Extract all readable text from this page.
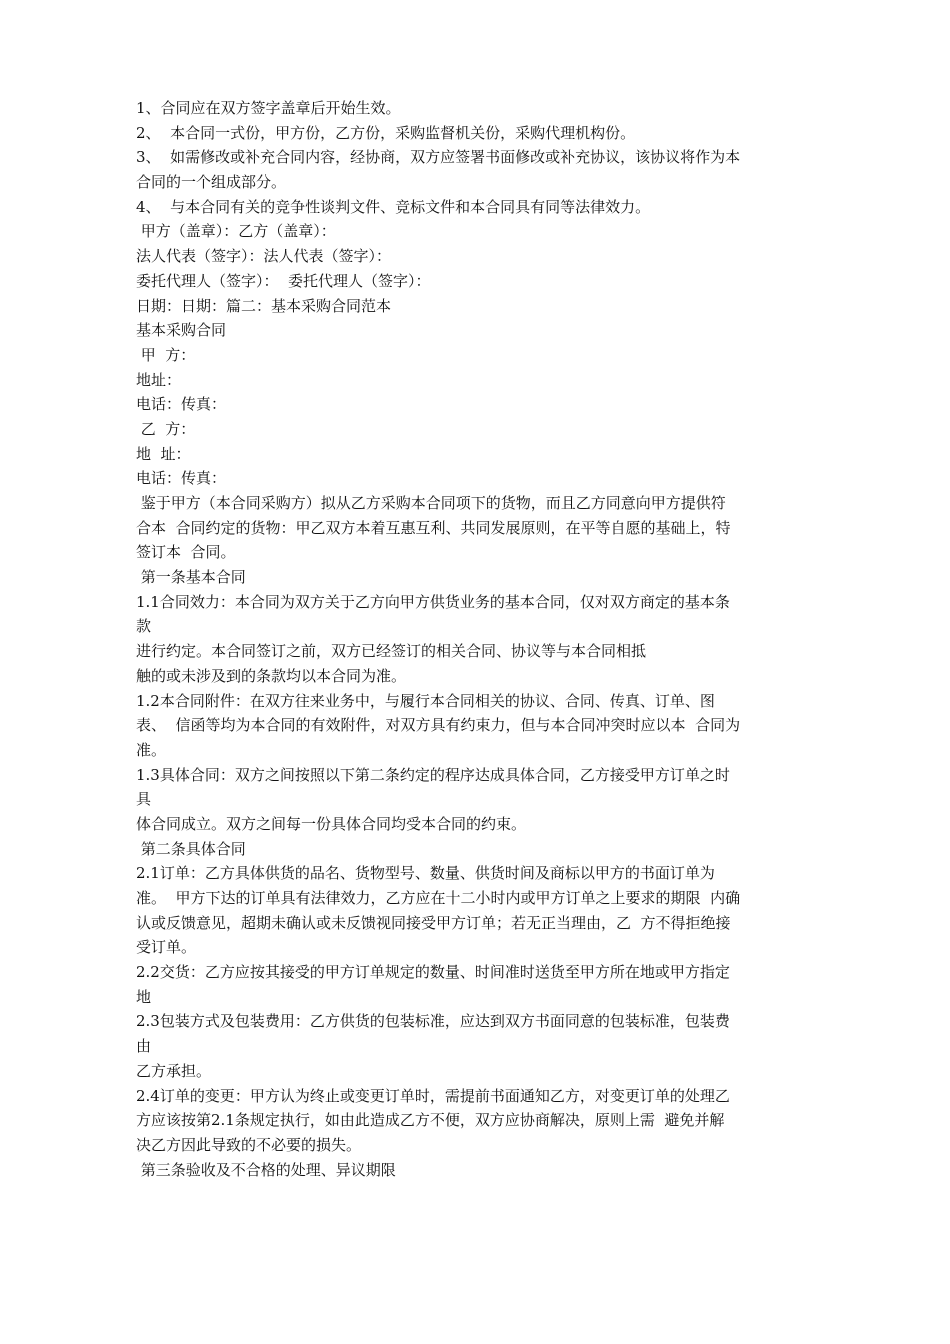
1、合同应在双方签字盖章后开始生效。

2、  本合同一式份，甲方份，乙方份，采购监督机关份，采购代理机构份。

3、  如需修改或补充合同内容，经协商，双方应签署书面修改或补充协议，该协议将作为本

合同的一个组成部分。

4、  与本合同有关的竞争性谈判文件、竞标文件和本合同具有同等法律效力。

甲方（盖章）：乙方（盖章）：

法人代表（签字）：法人代表（签字）：

委托代理人（签字）：  委托代理人（签字）：

日期：日期：篇二：基本采购合同范本

基本采购合同

甲  方：

地址：

电话：传真：

乙  方：

地  址：

电话：传真：

鉴于甲方（本合同采购方）拟从乙方采购本合同项下的货物，而且乙方同意向甲方提供符

合本  合同约定的货物：甲乙双方本着互惠互利、共同发展原则，在平等自愿的基础上，特

签订本  合同。

第一条基本合同

1.1合同效力：本合同为双方关于乙方向甲方供货业务的基本合同，仅对双方商定的基本条

款

进行约定。本合同签订之前，双方已经签订的相关合同、协议等与本合同相抵

触的或未涉及到的条款均以本合同为准。

1.2本合同附件：在双方往来业务中，与履行本合同相关的协议、合同、传真、订单、图

表、  信函等均为本合同的有效附件，对双方具有约束力，但与本合同冲突时应以本  合同为

准。

1.3具体合同：双方之间按照以下第二条约定的程序达成具体合同，乙方接受甲方订单之时

具

体合同成立。双方之间每一份具体合同均受本合同的约束。

第二条具体合同

2.1订单：乙方具体供货的品名、货物型号、数量、供货时间及商标以甲方的书面订单为

准。  甲方下达的订单具有法律效力，乙方应在十二小时内或甲方订单之上要求的期限  内确

认或反馈意见，超期未确认或未反馈视同接受甲方订单；若无正当理由，乙  方不得拒绝接

受订单。

2.2交货：乙方应按其接受的甲方订单规定的数量、时间准时送货至甲方所在地或甲方指定

地

2.3包装方式及包装费用：乙方供货的包装标准，应达到双方书面同意的包装标准，包装费

由

乙方承担。

2.4订单的变更：甲方认为终止或变更订单时，需提前书面通知乙方，对变更订单的处理乙

方应该按第2.1条规定执行，如由此造成乙方不便，双方应协商解决，原则上需  避免并解

决乙方因此导致的不必要的损失。

第三条验收及不合格的处理、异议期限
